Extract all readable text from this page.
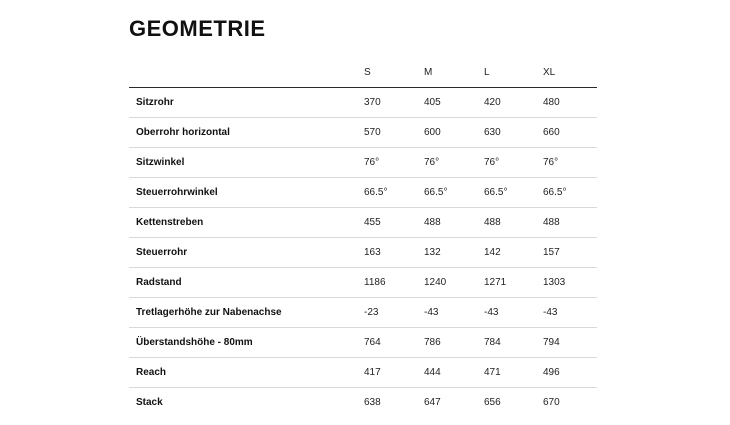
GEOMETRIE
	S	M	L	XL
Sitzrohr	370	405	420	480
Oberrohr horizontal	570	600	630	660
Sitzwinkel	76°	76°	76°	76°
Steuerrohrwinkel	66.5°	66.5°	66.5°	66.5°
Kettenstreben	455	488	488	488
Steuerrohr	163	132	142	157
Radstand	1186	1240	1271	1303
Tretlagerhöhe zur Nabenachse	-23	-43	-43	-43
Überstandshöhe - 80mm	764	786	784	794
Reach	417	444	471	496
Stack	638	647	656	670
